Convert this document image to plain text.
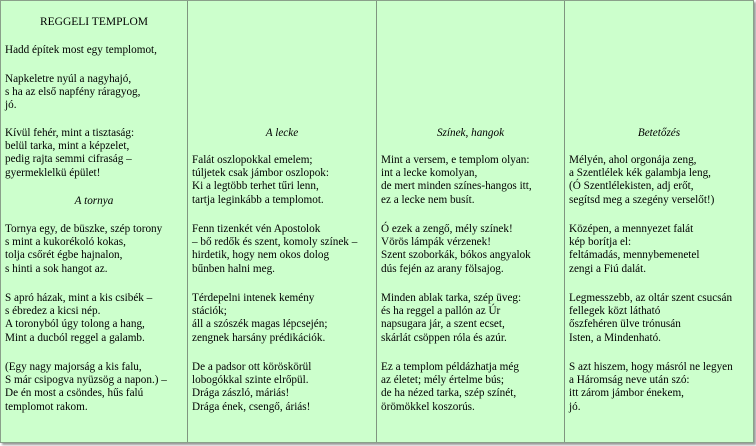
REGGELI TEMPLOM
Hadd építek most egy templomot,
Napkeletre nyúl a nagyhajó,
s ha az első napfény ráragyog,
jó.
Kívül fehér, mint a tisztaság:
belül tarka, mint a képzelet,
pedig rajta semmi cifraság –
gyermeklelkü épület!
A tornya
Tornya egy, de büszke, szép torony
s mint a kukorékoló kokas,
tolja csőrét égbe hajnalon,
s hinti a sok hangot az.
S apró házak, mint a kis csibék –
s ébredez a kicsi nép.
A toronyból úgy tolong a hang,
Mint a ducból reggel a galamb.
(Egy nagy majorság a kis falu,
S már csipogva nyüzsög a napon.) –
De én most a csöndes, hűs falú
templomot rakom.
A lecke
Falát oszlopokkal emelem;
túljetek csak jámbor oszlopok:
Ki a legtöbb terhet tűri lenn,
tartja leginkább a templomot.
Fenn tizenkét vén Apostolok
– bő redők és szent, komoly színek –
hirdetik, hogy nem okos dolog
bűnben halni meg.
Térdepelni intenek kemény
stációk;
áll a szószék magas lépcsején;
zengnek harsány prédikációk.
De a padsor ott köröskörül
lobogókkal szinte elrőpül.
Drága zászló, máriás!
Drága ének, csengő, áriás!
Színek, hangok
Mint a versem, e templom olyan:
int a lecke komolyan,
de mert minden színes-hangos itt,
ez a lecke nem busít.
Ó ezek a zengő, mély színek!
Vörös lámpák vérzenek!
Szent szoborkák, bókos angyalok
dús fején az arany fölsajog.
Minden ablak tarka, szép üveg:
és ha reggel a pallón az Úr
napsugara jár, a szent ecset,
skárlát csöppen róla és azúr.
Ez a templom példázhatja még
az életet; mély értelme bús;
de ha nézed tarka, szép színét,
örömökkel koszorús.
Betetőzés
Mélyén, ahol orgonája zeng,
a Szentlélek kék galambja leng,
(Ó Szentlélekisten, adj erőt,
segítsd meg a szegény verselőt!)
Középen, a mennyezet falát
kép borítja el:
feltámadás, mennybemenetel
zengi a Fiú dalát.
Legmesszebb, az oltár szent csucsán
fellegek közt látható
őszfehéren ülve trónusán
Isten, a Mindenható.
S azt hiszem, hogy másról ne legyen
a Háromság neve után szó:
itt zárom jámbor énekem,
jó.
